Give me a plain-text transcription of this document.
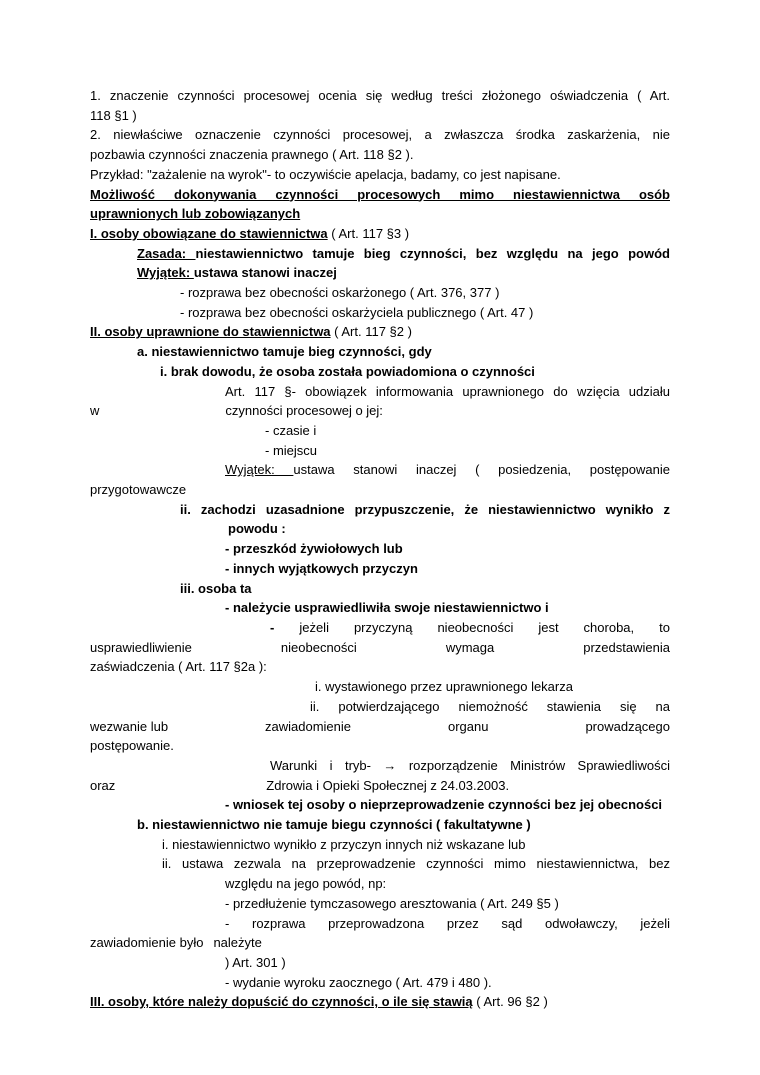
1. znaczenie czynności procesowej ocenia się według treści złożonego oświadczenia ( Art.
118 §1 )
2. niewłaściwe oznaczenie czynności procesowej, a zwłaszcza środka zaskarżenia, nie
pozbawia czynności znaczenia prawnego ( Art. 118 §2 ).
Przykład: "zażalenie na wyrok"- to oczywiście apelacja, badamy, co jest napisane.
Możliwość dokonywania czynności procesowych mimo niestawiennictwa osób
uprawnionych lub zobowiązanych
I. osoby obowiązane do stawiennictwa ( Art. 117 §3 )
Zasada: niestawiennictwo tamuje bieg czynności, bez względu na jego powód
Wyjątek: ustawa stanowi inaczej
- rozprawa bez obecności oskarżonego ( Art. 376, 377 )
- rozprawa bez obecności oskarżyciela publicznego ( Art. 47 )
II. osoby uprawnione do stawiennictwa ( Art. 117 §2 )
a. niestawiennictwo tamuje bieg czynności, gdy
i. brak dowodu, że osoba została powiadomiona o czynności
Art. 117 §- obowiązek informowania uprawnionego do wzięcia udziału
w	czynności procesowej o jej:
- czasie i
- miejscu
Wyjątek: ustawa stanowi inaczej ( posiedzenia, postępowanie
przygotowawcze
ii. zachodzi uzasadnione przypuszczenie, że niestawiennictwo wynikło z
powodu :
- przeszkód żywiołowych lub
- innych wyjątkowych przyczyn
iii. osoba ta
- należycie usprawiedliwiła swoje niestawiennictwo i
- jeżeli przyczyną nieobecności jest choroba, to
usprawiedliwienie	nieobecności	wymaga	przedstawienia
zaświadczenia ( Art. 117 §2a ):
i. wystawionego przez uprawnionego lekarza
ii. potwierdzającego niemożność stawienia się na
wezwanie lub	zawiadomienie	organu	prowadzącego
postępowanie.
Warunki i tryb- → rozporządzenie Ministrów Sprawiedliwości
oraz	Zdrowia i Opieki Społecznej z 24.03.2003.
- wniosek tej osoby o nieprzeprowadzenie czynności bez jej obecności
b. niestawiennictwo nie tamuje biegu czynności ( fakultatywne )
i. niestawiennictwo wynikło z przyczyn innych niż wskazane lub
ii. ustawa zezwala na przeprowadzenie czynności mimo niestawiennictwa, bez
względu na jego powód, np:
- przedłużenie tymczasowego aresztowania ( Art. 249 §5 )
- rozprawa przeprowadzona przez sąd odwoławczy, jeżeli
zawiadomienie było należyte
) Art. 301 )
- wydanie wyroku zaocznego ( Art. 479 i 480 ).
III. osoby, które należy dopuścić do czynności, o ile się stawią ( Art. 96 §2 )
